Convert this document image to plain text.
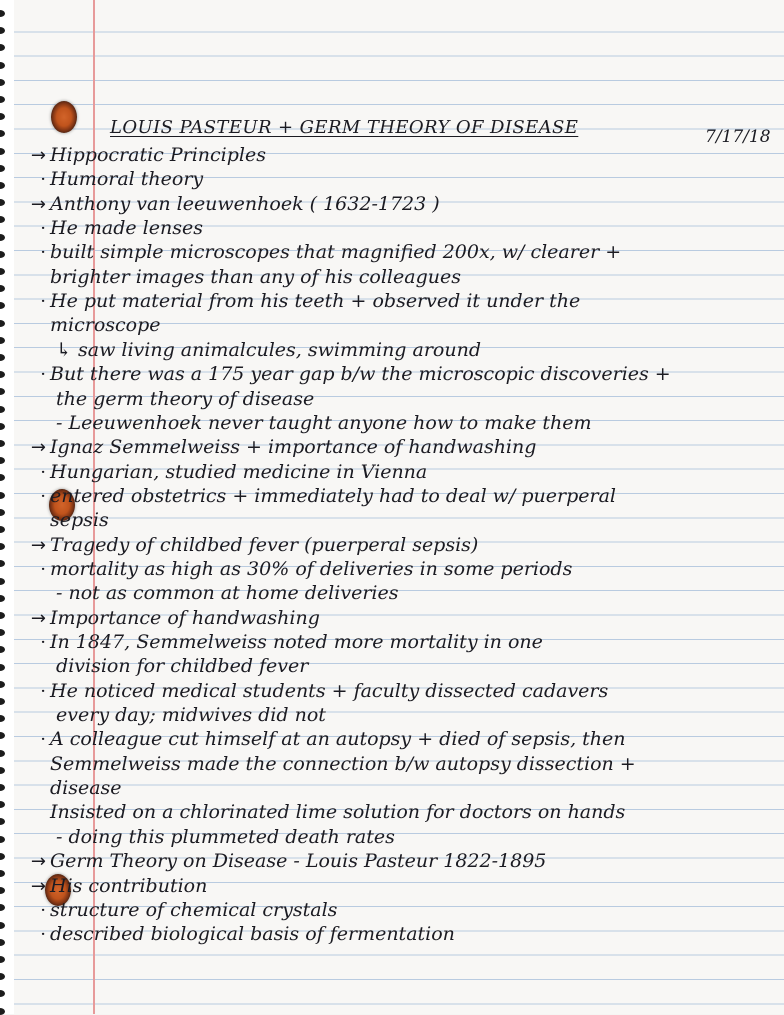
LOUIS PASTEUR + GERM THEORY OF DISEASE	7/17/18
→ Hippocratic Principles
· Humoral theory
→ Anthony van leeuwenhoek ( 1632-1723 )
· He made lenses
· built simple microscopes that magnified 200x, w/ clearer +
brighter images than any of his colleagues
· He put material from his teeth + observed it under the
microscope
↳ saw living animalcules, swimming around
· But there was a 175 year gap b/w the microscopic discoveries +
the germ theory of disease
- Leeuwenhoek never taught anyone how to make them
→ Ignaz Semmelweiss + importance of handwashing
· Hungarian, studied medicine in Vienna
· entered obstetrics + immediately had to deal w/ puerperal
sepsis
→ Tragedy of childbed fever (puerperal sepsis)
· mortality as high as 30% of deliveries in some periods
- not as common at home deliveries
→ Importance of handwashing
· In 1847, Semmelweiss noted more mortality in one
division for childbed fever
· He noticed medical students + faculty dissected cadavers
every day; midwives did not
· A colleague cut himself at an autopsy + died of sepsis, then
Semmelweiss made the connection b/w autopsy dissection +
disease
Insisted on a chlorinated lime solution for doctors on hands
- doing this plummeted death rates
→ Germ Theory on Disease - Louis Pasteur 1822-1895
→ His contribution
· structure of chemical crystals
· described biological basis of fermentation
